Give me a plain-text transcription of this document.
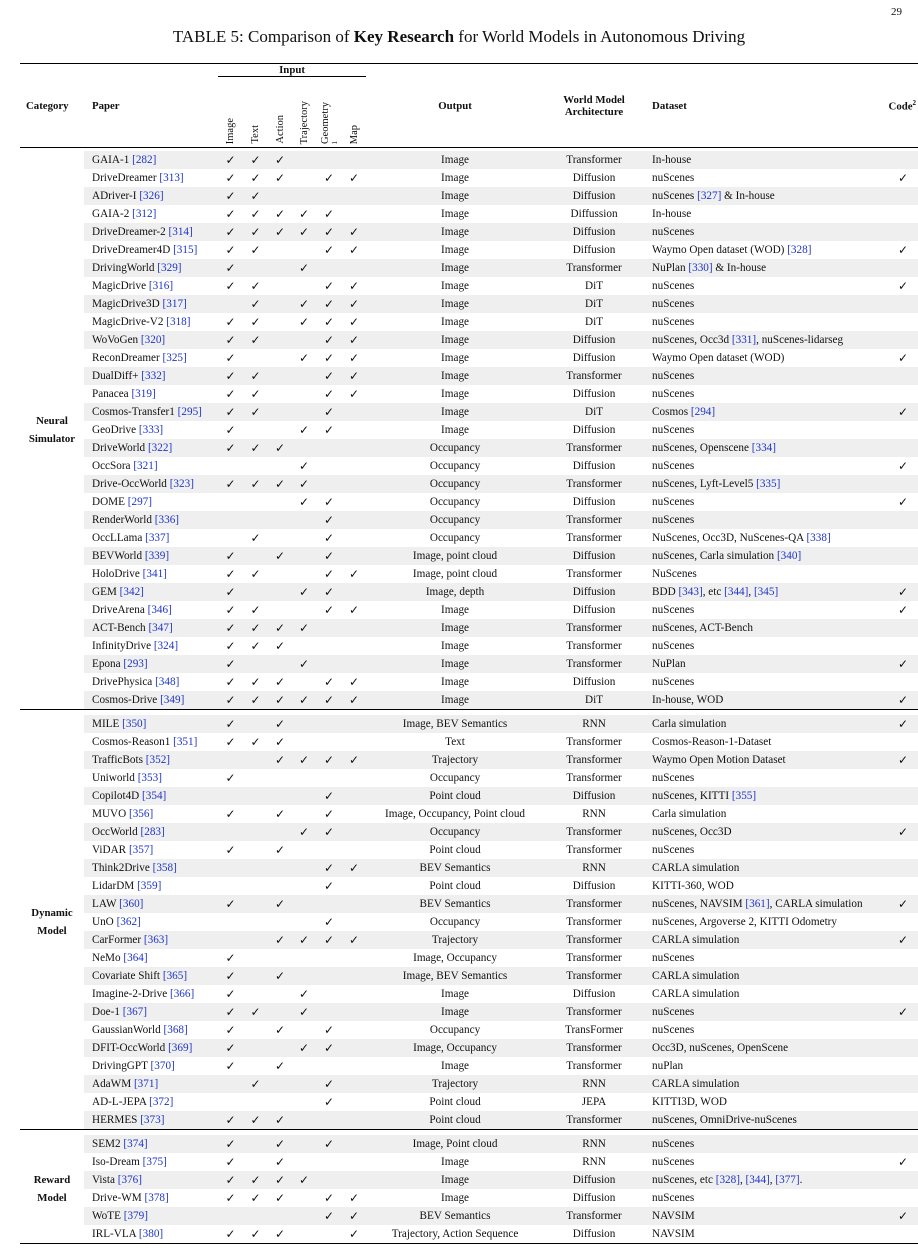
29
TABLE 5: Comparison of Key Research for World Models in Autonomous Driving
Category	Paper	Input						Output	World Model Architecture	Dataset	Code$^2$
		Image	Text	Action	Trajectory	Geometry1	Map				

Neural Simulator	GAIA-1 [282]	✓	✓	✓				Image	Transformer	In-house	
	DriveDreamer [313]	✓	✓	✓		✓	✓	Image	Diffusion	nuScenes	✓
	ADriver-I [326]	✓	✓					Image	Diffusion	nuScenes [327] & In-house	
	GAIA-2 [312]	✓	✓	✓	✓	✓		Image	Diffussion	In-house	
	DriveDreamer-2 [314]	✓	✓	✓	✓	✓	✓	Image	Diffusion	nuScenes	
	DriveDreamer4D [315]	✓	✓			✓	✓	Image	Diffusion	Waymo Open dataset (WOD) [328]	✓
	DrivingWorld [329]	✓			✓			Image	Transformer	NuPlan [330] & In-house	
	MagicDrive [316]	✓	✓			✓	✓	Image	DiT	nuScenes	✓
	MagicDrive3D [317]		✓		✓	✓	✓	Image	DiT	nuScenes	
	MagicDrive-V2 [318]	✓	✓		✓	✓	✓	Image	DiT	nuScenes	
	WoVoGen [320]	✓	✓			✓	✓	Image	Diffusion	nuScenes, Occ3d [331], nuScenes-lidarseg	
	ReconDreamer [325]	✓			✓	✓	✓	Image	Diffusion	Waymo Open dataset (WOD)	✓
	DualDiff+ [332]	✓	✓			✓	✓	Image	Transformer	nuScenes	
	Panacea [319]	✓	✓			✓	✓	Image	Diffusion	nuScenes	
	Cosmos-Transfer1 [295]	✓	✓			✓		Image	DiT	Cosmos [294]	✓
	GeoDrive [333]	✓			✓	✓		Image	Diffusion	nuScenes	
	DriveWorld [322]	✓	✓	✓				Occupancy	Transformer	nuScenes, Openscene [334]	
	OccSora [321]				✓			Occupancy	Diffusion	nuScenes	✓
	Drive-OccWorld [323]	✓	✓	✓	✓			Occupancy	Transformer	nuScenes, Lyft-Level5 [335]	
	DOME [297]				✓	✓		Occupancy	Diffusion	nuScenes	✓
	RenderWorld [336]					✓		Occupancy	Transformer	nuScenes	
	OccLLama [337]		✓			✓		Occupancy	Transformer	NuScenes, Occ3D, NuScenes-QA [338]	
	BEVWorld [339]	✓		✓		✓		Image, point cloud	Diffusion	nuScenes, Carla simulation [340]	
	HoloDrive [341]	✓	✓			✓	✓	Image, point cloud	Transformer	NuScenes	
	GEM [342]	✓			✓	✓		Image, depth	Diffusion	BDD [343], etc [344], [345]	✓
	DriveArena [346]	✓	✓			✓	✓	Image	Diffusion	nuScenes	✓
	ACT-Bench [347]	✓	✓	✓	✓			Image	Transformer	nuScenes, ACT-Bench	
	InfinityDrive [324]	✓	✓	✓				Image	Transformer	nuScenes	
	Epona [293]	✓			✓			Image	Transformer	NuPlan	✓
	DrivePhysica [348]	✓	✓	✓		✓	✓	Image	Diffusion	nuScenes	
	Cosmos-Drive [349]	✓	✓	✓	✓	✓	✓	Image	DiT	In-house, WOD	✓

Dynamic Model	MILE [350]	✓		✓				Image, BEV Semantics	RNN	Carla simulation	✓
	Cosmos-Reason1 [351]	✓	✓	✓				Text	Transformer	Cosmos-Reason-1-Dataset	
	TrafficBots [352]			✓	✓	✓	✓	Trajectory	Transformer	Waymo Open Motion Dataset	✓
	Uniworld [353]	✓						Occupancy	Transformer	nuScenes	
	Copilot4D [354]					✓		Point cloud	Diffusion	nuScenes, KITTI [355]	
	MUVO [356]	✓		✓		✓		Image, Occupancy, Point cloud	RNN	Carla simulation	
	OccWorld [283]				✓	✓		Occupancy	Transformer	nuScenes, Occ3D	✓
	ViDAR [357]	✓		✓				Point cloud	Transformer	nuScenes	
	Think2Drive [358]					✓	✓	BEV Semantics	RNN	CARLA simulation	
	LidarDM [359]					✓		Point cloud	Diffusion	KITTI-360, WOD	
	LAW [360]	✓		✓				BEV Semantics	Transformer	nuScenes, NAVSIM [361], CARLA simulation	✓
	UnO [362]					✓		Occupancy	Transformer	nuScenes, Argoverse 2, KITTI Odometry	
	CarFormer [363]			✓	✓	✓	✓	Trajectory	Transformer	CARLA simulation	✓
	NeMo [364]	✓						Image, Occupancy	Transformer	nuScenes	
	Covariate Shift [365]	✓		✓				Image, BEV Semantics	Transformer	CARLA simulation	
	Imagine-2-Drive [366]	✓			✓			Image	Diffusion	CARLA simulation	
	Doe-1 [367]	✓	✓		✓			Image	Transformer	nuScenes	✓
	GaussianWorld [368]	✓		✓		✓		Occupancy	TransFormer	nuScenes	
	DFIT-OccWorld [369]	✓			✓	✓		Image, Occupancy	Transformer	Occ3D, nuScenes, OpenScene	
	DrivingGPT [370]	✓		✓				Image	Transformer	nuPlan	
	AdaWM [371]		✓			✓		Trajectory	RNN	CARLA simulation	
	AD-L-JEPA [372]					✓		Point cloud	JEPA	KITTI3D, WOD	
	HERMES [373]	✓	✓	✓				Point cloud	Transformer	nuScenes, OmniDrive-nuScenes	

Reward Model	SEM2 [374]	✓		✓		✓		Image, Point cloud	RNN	nuScenes	
	Iso-Dream [375]	✓		✓				Image	RNN	nuScenes	✓
	Vista [376]	✓	✓	✓	✓			Image	Diffusion	nuScenes, etc [328], [344], [377].	
	Drive-WM [378]	✓	✓	✓		✓	✓	Image	Diffusion	nuScenes	
	WoTE [379]					✓	✓	BEV Semantics	Transformer	NAVSIM	✓
	IRL-VLA [380]	✓	✓	✓			✓	Trajectory, Action Sequence	Diffusion	NAVSIM	
